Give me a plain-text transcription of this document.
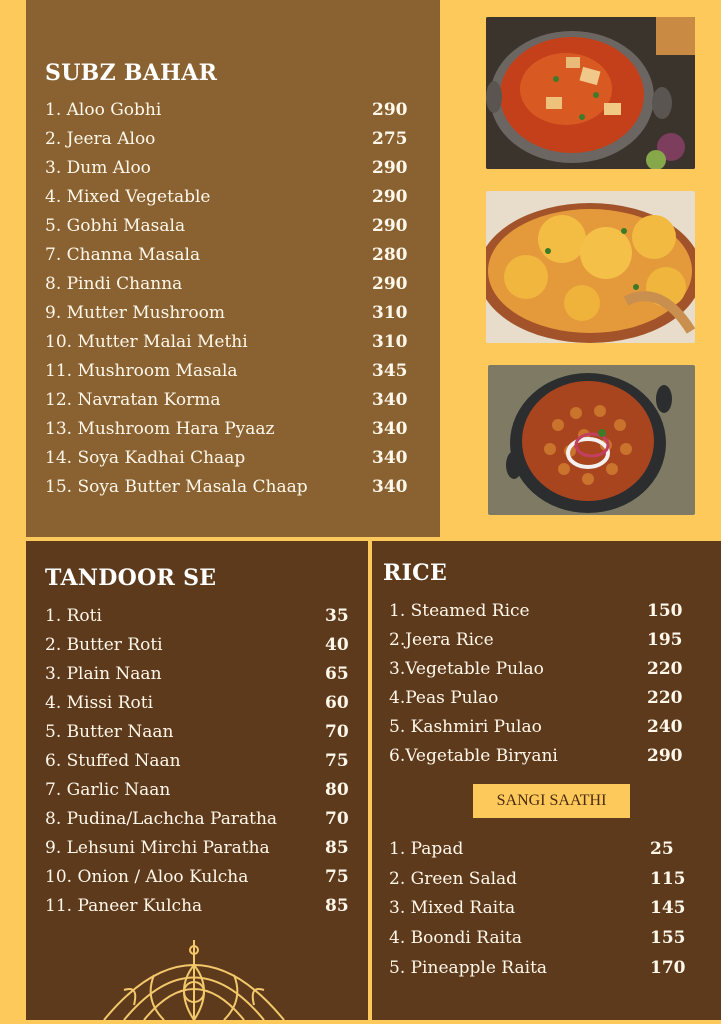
SUBZ BAHAR
1. Aloo Gobhi	290
2. Jeera Aloo	275
3. Dum Aloo	290
4. Mixed Vegetable	290
5. Gobhi Masala	290
7. Channa Masala	280
8. Pindi Channa	290
9. Mutter Mushroom	310
10. Mutter Malai Methi	310
11. Mushroom Masala	345
12. Navratan Korma	340
13. Mushroom Hara Pyaaz	340
14. Soya Kadhai Chaap	340
15. Soya Butter Masala Chaap	340
TANDOOR SE
1. Roti	35
2. Butter Roti	40
3. Plain Naan	65
4. Missi Roti	60
5. Butter Naan	70
6. Stuffed Naan	75
7. Garlic Naan	80
8. Pudina/Lachcha Paratha	70
9. Lehsuni Mirchi Paratha	85
10. Onion / Aloo Kulcha	75
11. Paneer Kulcha	85
RICE
1. Steamed Rice	150
2.Jeera Rice	195
3.Vegetable Pulao	220
4.Peas Pulao	220
5. Kashmiri Pulao	240
6.Vegetable Biryani	290
SANGI SAATHI
1. Papad	25
2. Green Salad	115
3. Mixed Raita	145
4. Boondi Raita	155
5. Pineapple Raita	170
